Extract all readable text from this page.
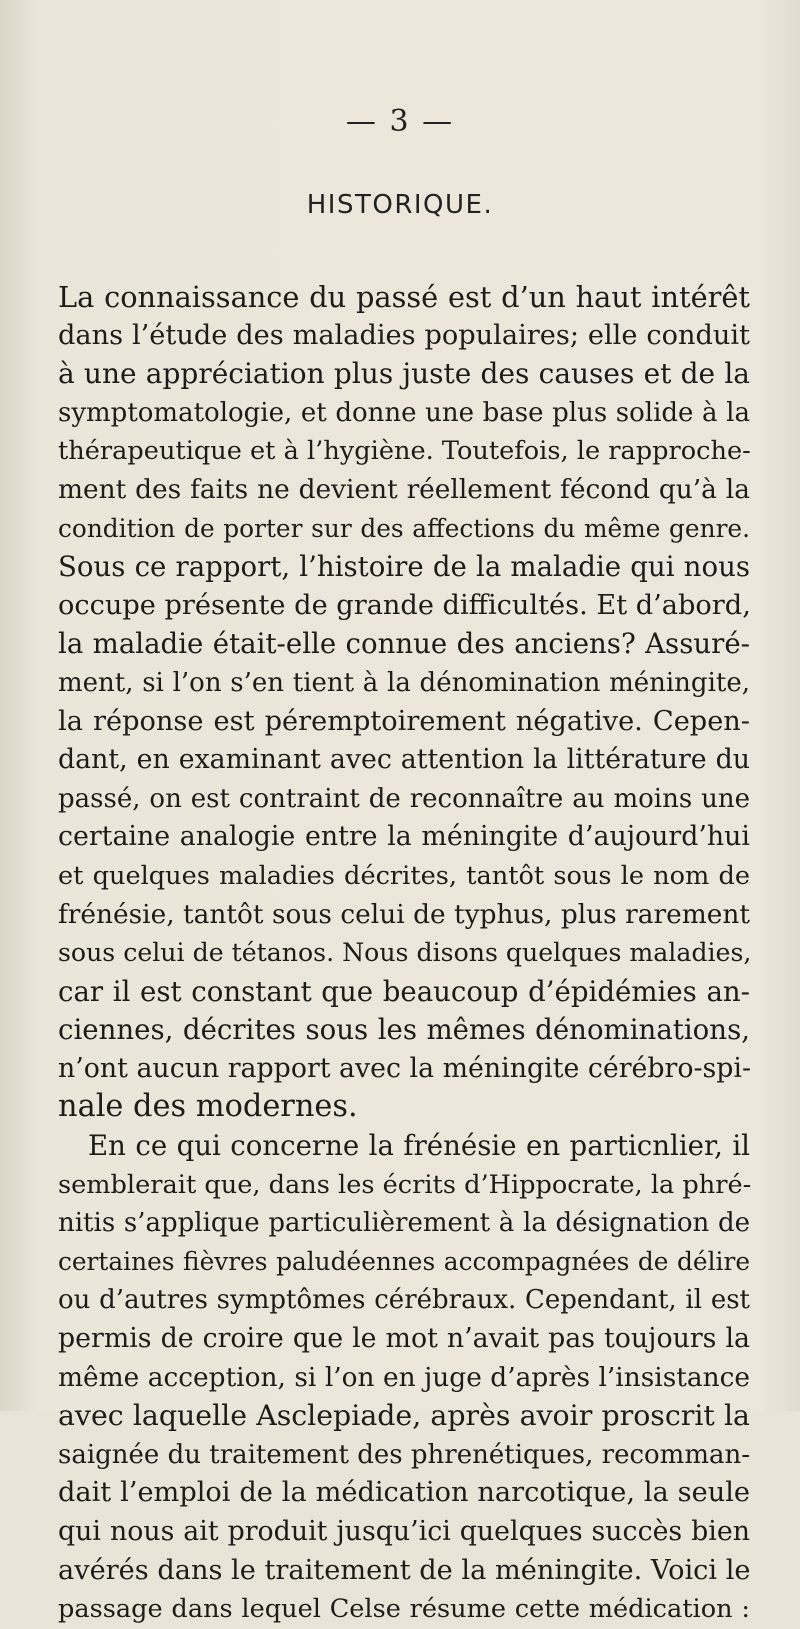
— 3 —
HISTORIQUE.
La connaissance du passé est d’un haut intérêt
dans l’étude des maladies populaires; elle conduit
à une appréciation plus juste des causes et de la
symptomatologie, et donne une base plus solide à la
thérapeutique et à l’hygiène. Toutefois, le rapproche-
ment des faits ne devient réellement fécond qu’à la
condition de porter sur des affections du même genre.
Sous ce rapport, l’histoire de la maladie qui nous
occupe présente de grande difficultés. Et d’abord,
la maladie était-elle connue des anciens? Assuré-
ment, si l’on s’en tient à la dénomination méningite,
la réponse est péremptoirement négative. Cepen-
dant, en examinant avec attention la littérature du
passé, on est contraint de reconnaître au moins une
certaine analogie entre la méningite d’aujourd’hui
et quelques maladies décrites, tantôt sous le nom de
frénésie, tantôt sous celui de typhus, plus rarement
sous celui de tétanos. Nous disons quelques maladies,
car il est constant que beaucoup d’épidémies an-
ciennes, décrites sous les mêmes dénominations,
n’ont aucun rapport avec la méningite cérébro-spi-
nale des modernes.
En ce qui concerne la frénésie en particnlier, il
semblerait que, dans les écrits d’Hippocrate, la phré-
nitis s’applique particulièrement à la désignation de
certaines fièvres paludéennes accompagnées de délire
ou d’autres symptômes cérébraux. Cependant, il est
permis de croire que le mot n’avait pas toujours la
même acception, si l’on en juge d’après l’insistance
avec laquelle Asclepiade, après avoir proscrit la
saignée du traitement des phrenétiques, recomman-
dait l’emploi de la médication narcotique, la seule
qui nous ait produit jusqu’ici quelques succès bien
avérés dans le traitement de la méningite. Voici le
passage dans lequel Celse résume cette médication :
